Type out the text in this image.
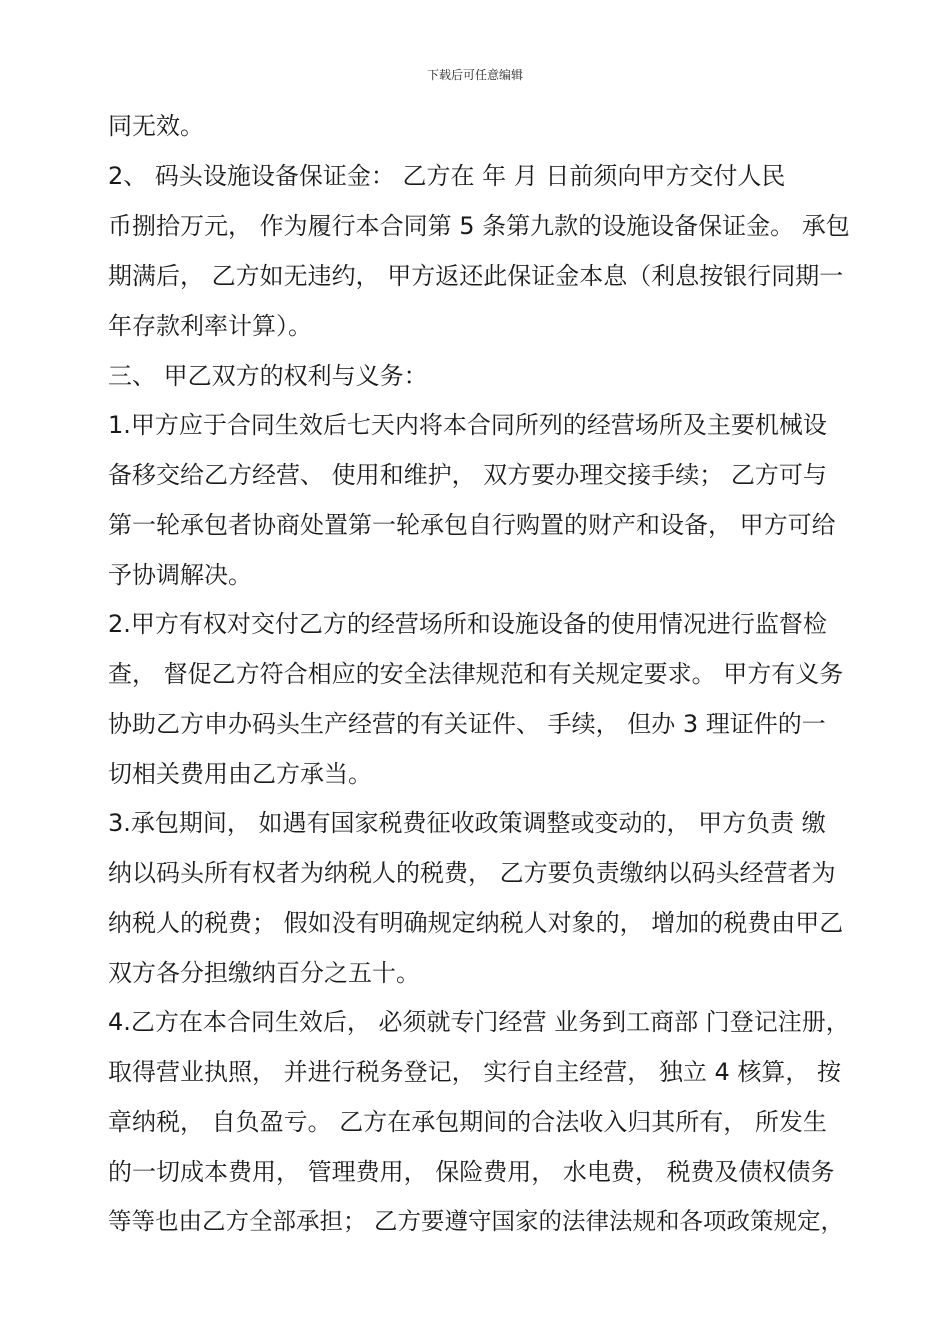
下载后可任意编辑
同无效。
2、 码头设施设备保证金： 乙方在 年 月 日前须向甲方交付人民
币捌拾万元， 作为履行本合同第 5 条第九款的设施设备保证金。 承包
期满后， 乙方如无违约， 甲方返还此保证金本息（利息按银行同期一
年存款利率计算）。
三、 甲乙双方的权利与义务：
1.甲方应于合同生效后七天内将本合同所列的经营场所及主要机械设
备移交给乙方经营、 使用和维护， 双方要办理交接手续； 乙方可与
第一轮承包者协商处置第一轮承包自行购置的财产和设备， 甲方可给
予协调解决。
2.甲方有权对交付乙方的经营场所和设施设备的使用情况进行监督检
查， 督促乙方符合相应的安全法律规范和有关规定要求。 甲方有义务
协助乙方申办码头生产经营的有关证件、 手续， 但办 3 理证件的一
切相关费用由乙方承当。
3.承包期间， 如遇有国家税费征收政策调整或变动的， 甲方负责 缴
纳以码头所有权者为纳税人的税费， 乙方要负责缴纳以码头经营者为
纳税人的税费； 假如没有明确规定纳税人对象的， 增加的税费由甲乙
双方各分担缴纳百分之五十。
4.乙方在本合同生效后， 必须就专门经营 业务到工商部 门登记注册，
取得营业执照， 并进行税务登记， 实行自主经营， 独立 4 核算， 按
章纳税， 自负盈亏。 乙方在承包期间的合法收入归其所有， 所发生
的一切成本费用， 管理费用， 保险费用， 水电费， 税费及债权债务
等等也由乙方全部承担； 乙方要遵守国家的法律法规和各项政策规定，
